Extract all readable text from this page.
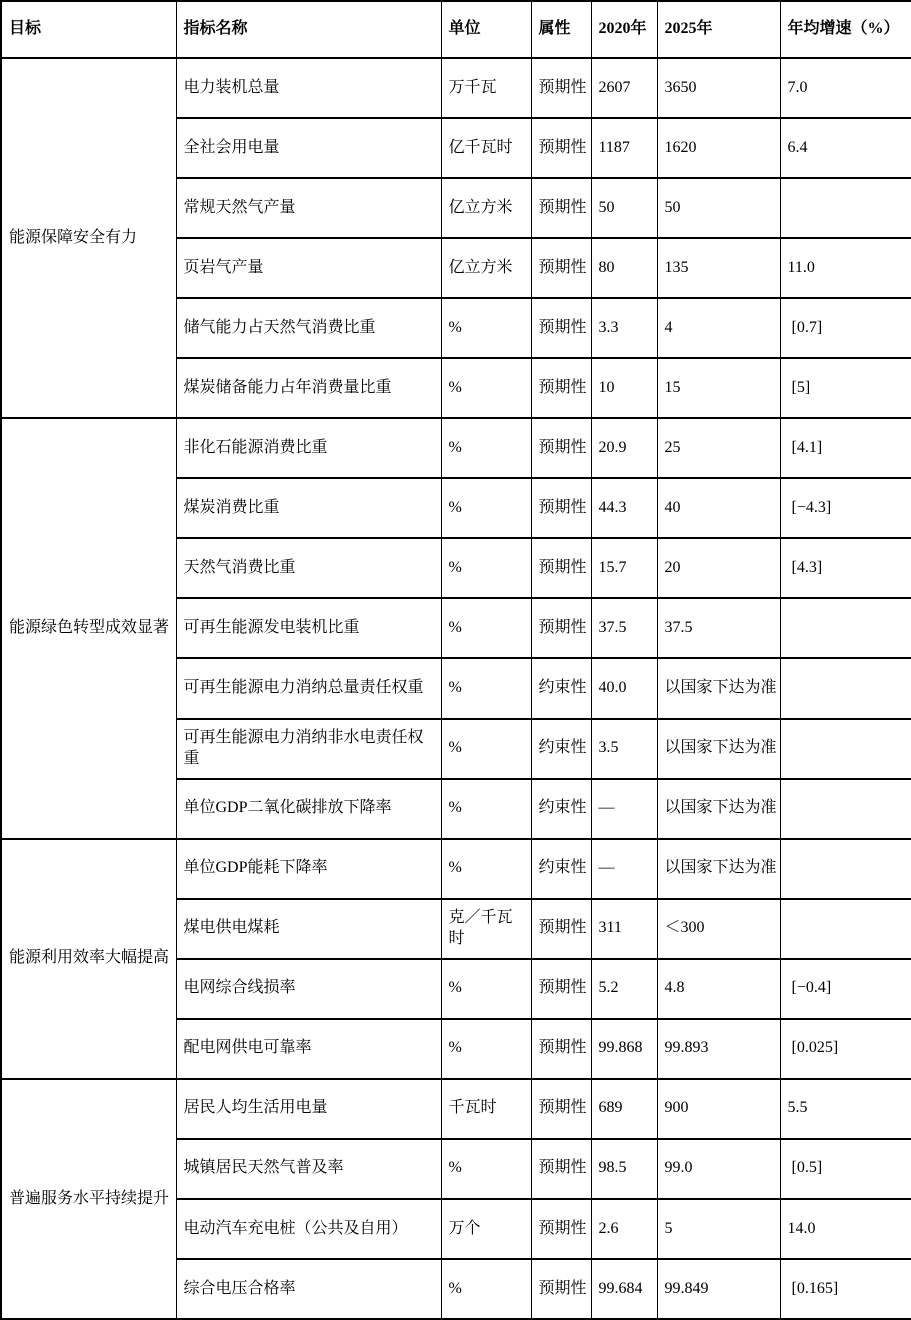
目标	指标名称	单位	属性	2020年	2025年	年均增速（%）
能源保障安全有力	电力装机总量	万千瓦	预期性	2607	3650	7.0
	全社会用电量	亿千瓦时	预期性	1187	1620	6.4
	常规天然气产量	亿立方米	预期性	50	50	
	页岩气产量	亿立方米	预期性	80	135	11.0
	储气能力占天然气消费比重	%	预期性	3.3	4	[0.7]
	煤炭储备能力占年消费量比重	%	预期性	10	15	[5]
能源绿色转型成效显著	非化石能源消费比重	%	预期性	20.9	25	[4.1]
	煤炭消费比重	%	预期性	44.3	40	[−4.3]
	天然气消费比重	%	预期性	15.7	20	[4.3]
	可再生能源发电装机比重	%	预期性	37.5	37.5	
	可再生能源电力消纳总量责任权重	%	约束性	40.0	以国家下达为准	
	可再生能源电力消纳非水电责任权重	%	约束性	3.5	以国家下达为准	
	单位GDP二氧化碳排放下降率	%	约束性	—	以国家下达为准	
能源利用效率大幅提高	单位GDP能耗下降率	%	约束性	—	以国家下达为准	
	煤电供电煤耗	克／千瓦时	预期性	311	＜300	
	电网综合线损率	%	预期性	5.2	4.8	[−0.4]
	配电网供电可靠率	%	预期性	99.868	99.893	[0.025]
普遍服务水平持续提升	居民人均生活用电量	千瓦时	预期性	689	900	5.5
	城镇居民天然气普及率	%	预期性	98.5	99.0	[0.5]
	电动汽车充电桩（公共及自用）	万个	预期性	2.6	5	14.0
	综合电压合格率	%	预期性	99.684	99.849	[0.165]
